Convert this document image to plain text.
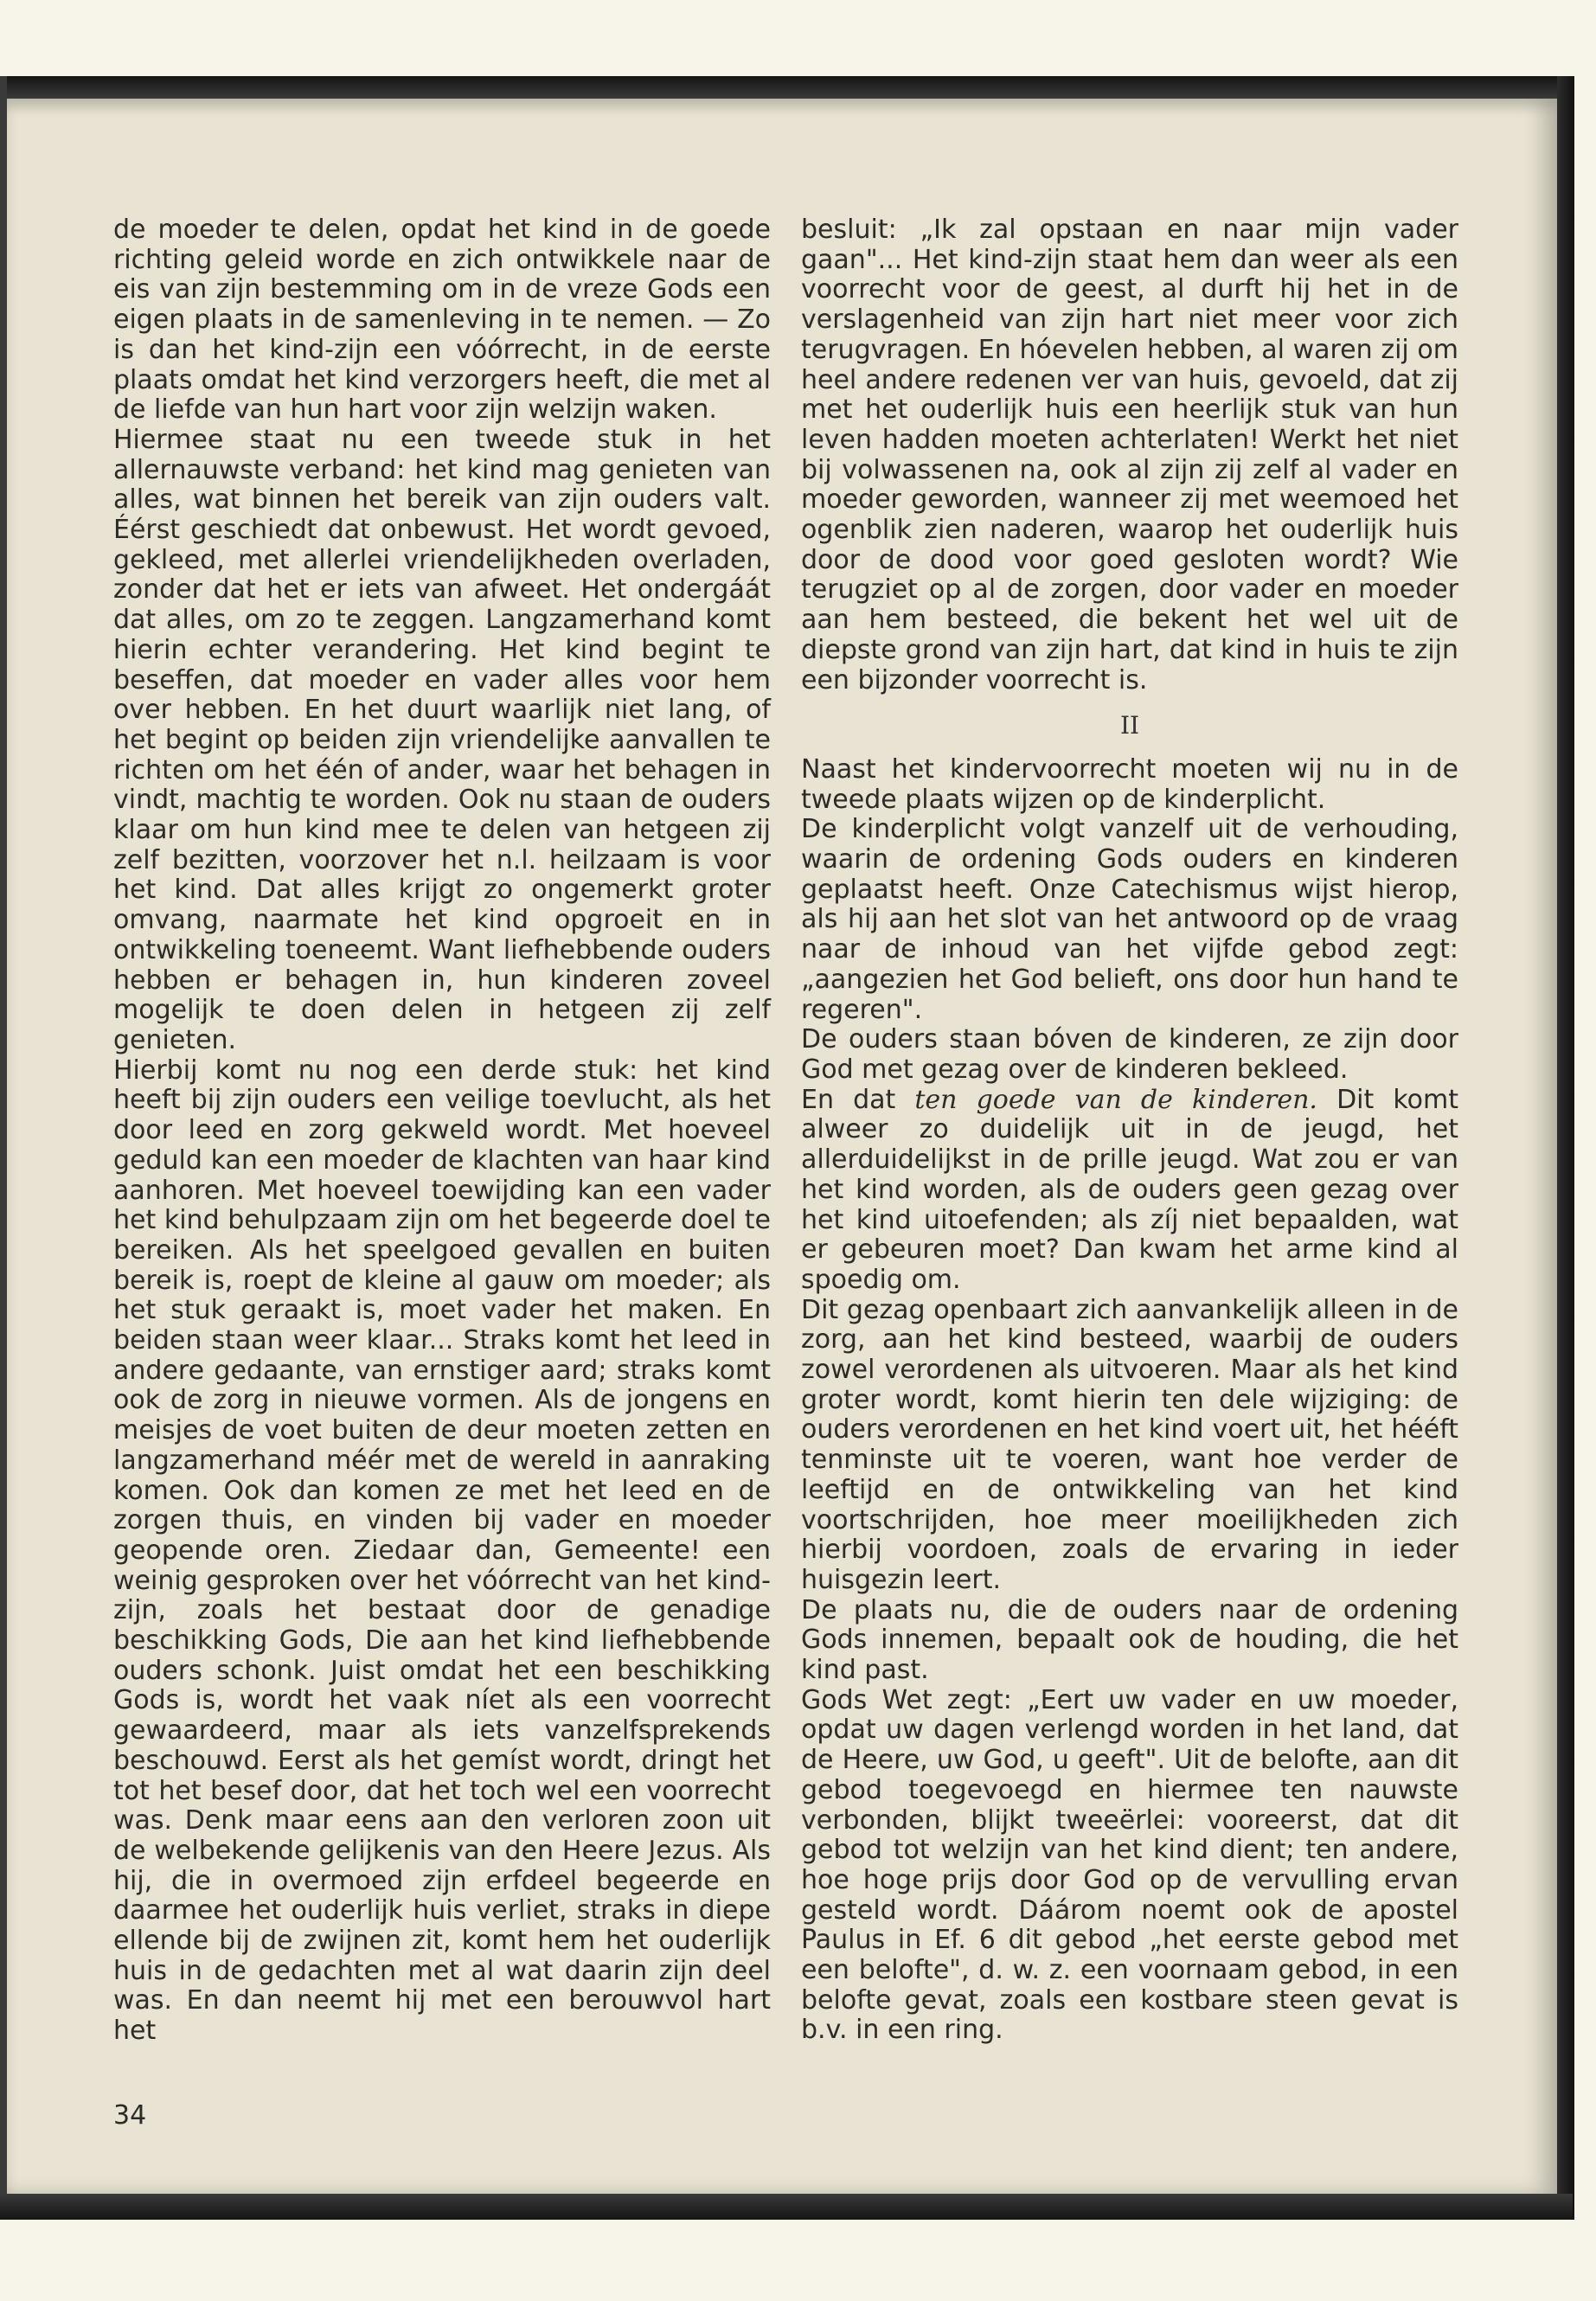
de moeder te delen, opdat het kind in de goede richting geleid worde en zich ontwikkele naar de eis van zijn bestemming om in de vreze Gods een eigen plaats in de samenleving in te nemen. — Zo is dan het kind-zijn een vóórrecht, in de eerste plaats omdat het kind verzorgers heeft, die met al de liefde van hun hart voor zijn welzijn waken.

Hiermee staat nu een tweede stuk in het allernauwste verband: het kind mag genieten van alles, wat binnen het bereik van zijn ouders valt. Éérst geschiedt dat onbewust. Het wordt gevoed, gekleed, met allerlei vriendelijkheden overladen, zonder dat het er iets van afweet. Het ondergáát dat alles, om zo te zeggen. Langzamerhand komt hierin echter verandering. Het kind begint te beseffen, dat moeder en vader alles voor hem over hebben. En het duurt waarlijk niet lang, of het begint op beiden zijn vriendelijke aanvallen te richten om het één of ander, waar het behagen in vindt, machtig te worden. Ook nu staan de ouders klaar om hun kind mee te delen van hetgeen zij zelf bezitten, voorzover het n.l. heilzaam is voor het kind. Dat alles krijgt zo ongemerkt groter omvang, naarmate het kind opgroeit en in ontwikkeling toeneemt. Want liefhebbende ouders hebben er behagen in, hun kinderen zoveel mogelijk te doen delen in hetgeen zij zelf genieten.

Hierbij komt nu nog een derde stuk: het kind heeft bij zijn ouders een veilige toevlucht, als het door leed en zorg gekweld wordt. Met hoeveel geduld kan een moeder de klachten van haar kind aanhoren. Met hoeveel toewijding kan een vader het kind behulpzaam zijn om het begeerde doel te bereiken. Als het speelgoed gevallen en buiten bereik is, roept de kleine al gauw om moeder; als het stuk geraakt is, moet vader het maken. En beiden staan weer klaar... Straks komt het leed in andere gedaante, van ernstiger aard; straks komt ook de zorg in nieuwe vormen. Als de jongens en meisjes de voet buiten de deur moeten zetten en langzamerhand méér met de wereld in aanraking komen. Ook dan komen ze met het leed en de zorgen thuis, en vinden bij vader en moeder geopende oren. Ziedaar dan, Gemeente! een weinig gesproken over het vóórrecht van het kind-zijn, zoals het bestaat door de genadige beschikking Gods, Die aan het kind liefhebbende ouders schonk. Juist omdat het een beschikking Gods is, wordt het vaak níet als een voorrecht gewaardeerd, maar als iets vanzelfsprekends beschouwd. Eerst als het gemíst wordt, dringt het tot het besef door, dat het toch wel een voorrecht was. Denk maar eens aan den verloren zoon uit de welbekende gelijkenis van den Heere Jezus. Als hij, die in overmoed zijn erfdeel begeerde en daarmee het ouderlijk huis verliet, straks in diepe ellende bij de zwijnen zit, komt hem het ouderlijk huis in de gedachten met al wat daarin zijn deel was. En dan neemt hij met een berouwvol hart het

besluit: „Ik zal opstaan en naar mijn vader gaan"... Het kind-zijn staat hem dan weer als een voorrecht voor de geest, al durft hij het in de verslagenheid van zijn hart niet meer voor zich terugvragen. En hóevelen hebben, al waren zij om heel andere redenen ver van huis, gevoeld, dat zij met het ouderlijk huis een heerlijk stuk van hun leven hadden moeten achterlaten! Werkt het niet bij volwassenen na, ook al zijn zij zelf al vader en moeder geworden, wanneer zij met weemoed het ogenblik zien naderen, waarop het ouderlijk huis door de dood voor goed gesloten wordt? Wie terugziet op al de zorgen, door vader en moeder aan hem besteed, die bekent het wel uit de diepste grond van zijn hart, dat kind in huis te zijn een bijzonder voorrecht is.

II

Naast het kindervoorrecht moeten wij nu in de tweede plaats wijzen op de kinderplicht.

De kinderplicht volgt vanzelf uit de verhouding, waarin de ordening Gods ouders en kinderen geplaatst heeft. Onze Catechismus wijst hierop, als hij aan het slot van het antwoord op de vraag naar de inhoud van het vijfde gebod zegt: „aangezien het God belieft, ons door hun hand te regeren".

De ouders staan bóven de kinderen, ze zijn door God met gezag over de kinderen bekleed.

En dat ten goede van de kinderen. Dit komt alweer zo duidelijk uit in de jeugd, het allerduidelijkst in de prille jeugd. Wat zou er van het kind worden, als de ouders geen gezag over het kind uitoefenden; als zíj niet bepaalden, wat er gebeuren moet? Dan kwam het arme kind al spoedig om.

Dit gezag openbaart zich aanvankelijk alleen in de zorg, aan het kind besteed, waarbij de ouders zowel verordenen als uitvoeren. Maar als het kind groter wordt, komt hierin ten dele wijziging: de ouders verordenen en het kind voert uit, het hééft tenminste uit te voeren, want hoe verder de leeftijd en de ontwikkeling van het kind voortschrijden, hoe meer moeilijkheden zich hierbij voordoen, zoals de ervaring in ieder huisgezin leert.

De plaats nu, die de ouders naar de ordening Gods innemen, bepaalt ook de houding, die het kind past.

Gods Wet zegt: „Eert uw vader en uw moeder, opdat uw dagen verlengd worden in het land, dat de Heere, uw God, u geeft". Uit de belofte, aan dit gebod toegevoegd en hiermee ten nauwste verbonden, blijkt tweeërlei: vooreerst, dat dit gebod tot welzijn van het kind dient; ten andere, hoe hoge prijs door God op de vervulling ervan gesteld wordt. Dáárom noemt ook de apostel Paulus in Ef. 6 dit gebod „het eerste gebod met een belofte", d. w. z. een voornaam gebod, in een belofte gevat, zoals een kostbare steen gevat is b.v. in een ring.

34
